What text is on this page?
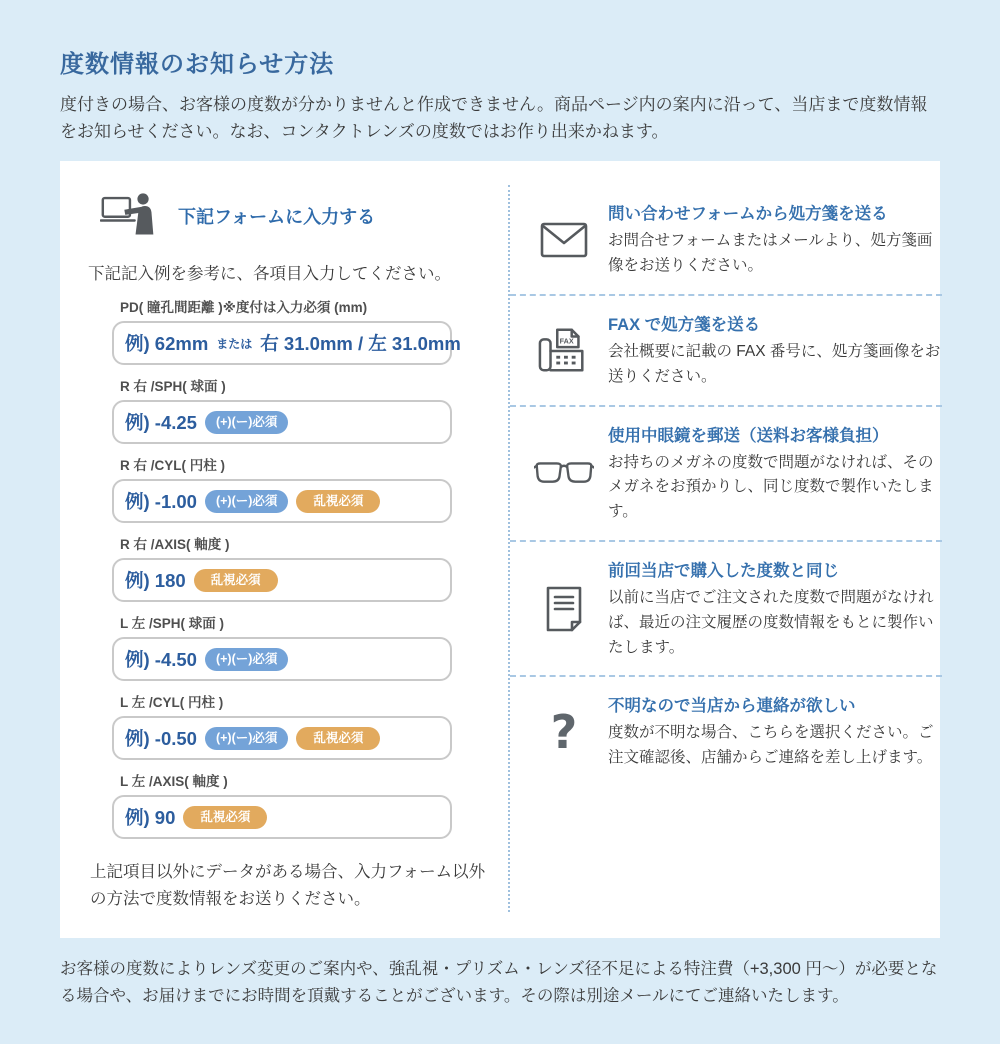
度数情報のお知らせ方法
度付きの場合、お客様の度数が分かりませんと作成できません。商品ページ内の案内に沿って、当店まで度数情報をお知らせください。なお、コンタクトレンズの度数ではお作り出来かねます。
下記フォームに入力する
下記記入例を参考に、各項目入力してください。
PD( 瞳孔間距離 )※度付は入力必須 (mm)
例) 62mm または 右 31.0mm / 左 31.0mm
R 右 /SPH( 球面 )
例) -4.25	(+)(ー)必須
R 右 /CYL( 円柱 )
例) -1.00	(+)(ー)必須	乱視必須
R 右 /AXIS( 軸度 )
例) 180	乱視必須
L 左 /SPH( 球面 )
例) -4.50	(+)(ー)必須
L 左 /CYL( 円柱 )
例) -0.50	(+)(ー)必須	乱視必須
L 左 /AXIS( 軸度 )
例) 90	乱視必須
上記項目以外にデータがある場合、入力フォーム以外の方法で度数情報をお送りください。
問い合わせフォームから処方箋を送る
お問合せフォームまたはメールより、処方箋画像をお送りください。
FAX
FAX で処方箋を送る
会社概要に記載の FAX 番号に、処方箋画像をお送りください。
使用中眼鏡を郵送（送料お客様負担）
お持ちのメガネの度数で問題がなければ、そのメガネをお預かりし、同じ度数で製作いたします。
前回当店で購入した度数と同じ
以前に当店でご注文された度数で問題がなければ、最近の注文履歴の度数情報をもとに製作いたします。
? 不明なので当店から連絡が欲しい
度数が不明な場合、こちらを選択ください。ご注文確認後、店舗からご連絡を差し上げます。
お客様の度数によりレンズ変更のご案内や、強乱視・プリズム・レンズ径不足による特注費（+3,300 円～）が必要となる場合や、お届けまでにお時間を頂戴することがございます。その際は別途メールにてご連絡いたします。
